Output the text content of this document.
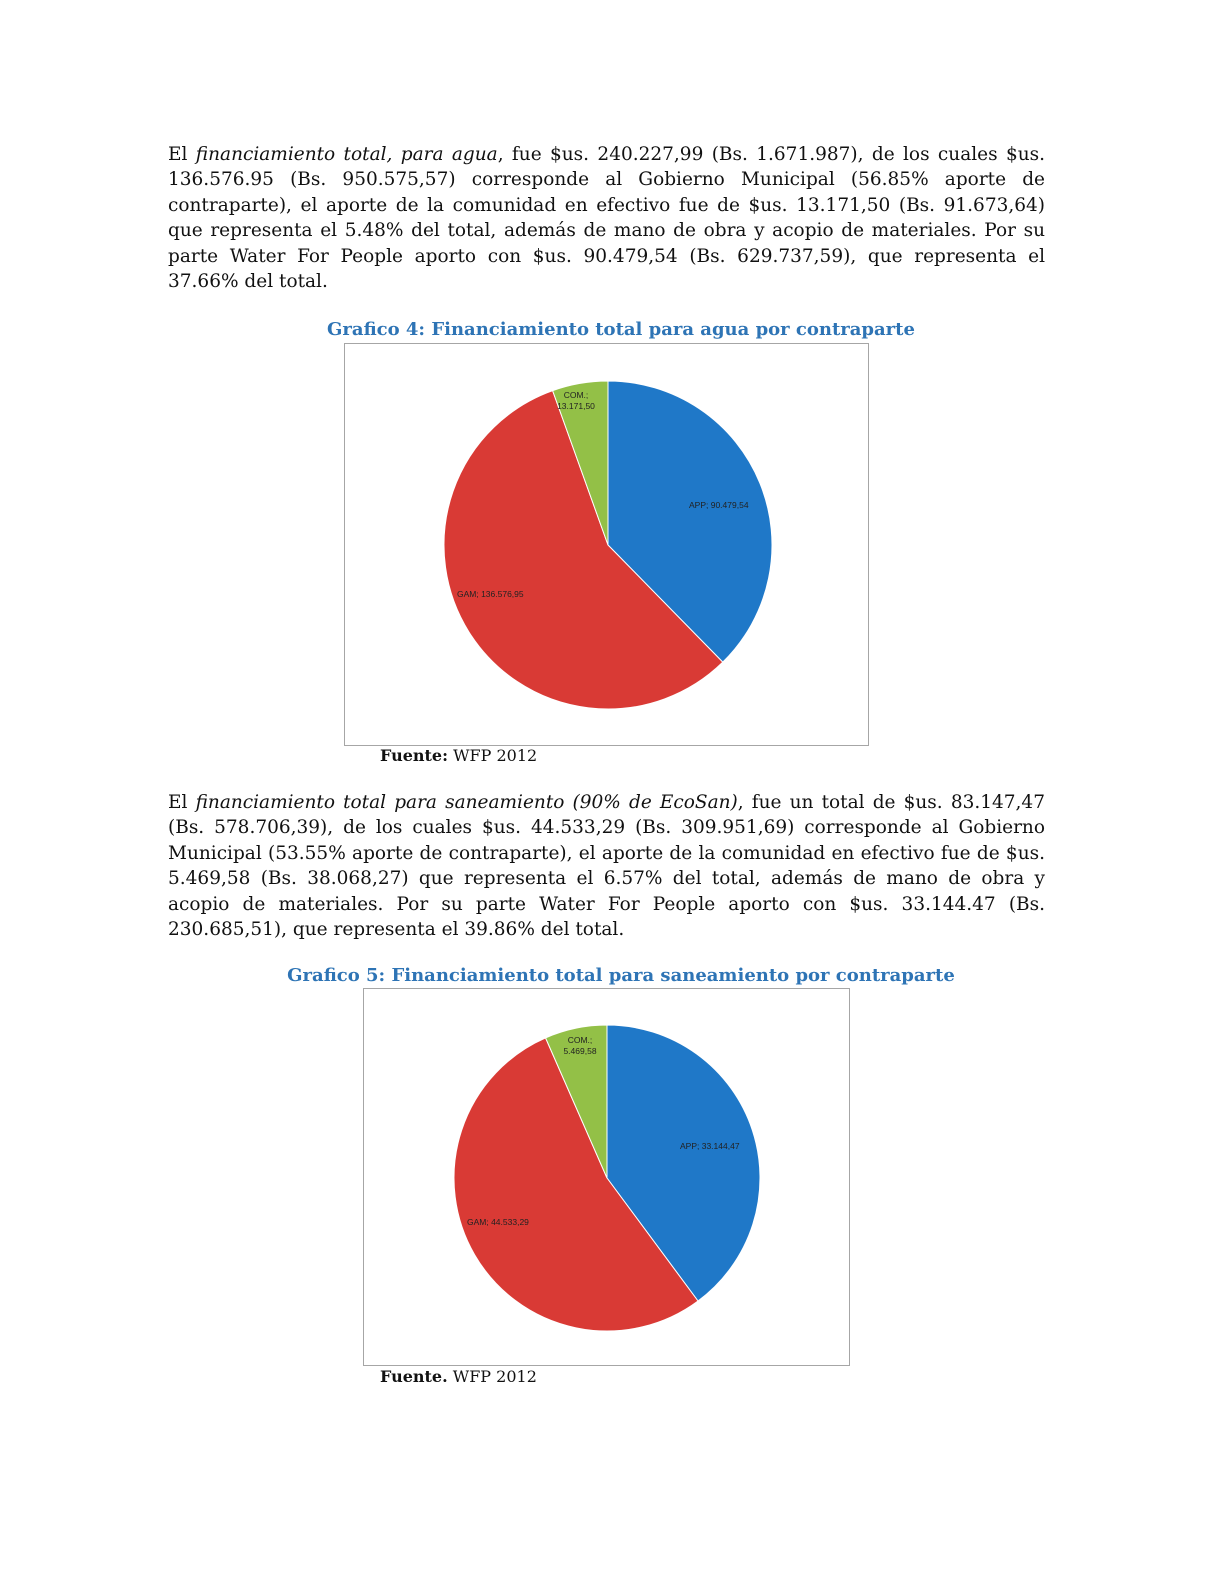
El financiamiento total, para agua, fue $us. 240.227,99 (Bs. 1.671.987), de los cuales $us. 136.576.95 (Bs. 950.575,57) corresponde al Gobierno Municipal (56.85% aporte de contraparte), el aporte de la comunidad en efectivo fue de $us. 13.171,50 (Bs. 91.673,64) que representa el 5.48% del total, además de mano de obra y acopio de materiales. Por su parte Water For People aporto con $us. 90.479,54 (Bs. 629.737,59), que representa el 37.66% del total.

Grafico 4: Financiamiento total para agua por contraparte
APP; 90.479,54
GAM; 136.576,95
COM.; 13.171,50
Fuente: WFP 2012

El financiamiento total para saneamiento (90% de EcoSan), fue un total de $us. 83.147,47 (Bs. 578.706,39), de los cuales $us. 44.533,29 (Bs. 309.951,69) corresponde al Gobierno Municipal (53.55% aporte de contraparte), el aporte de la comunidad en efectivo fue de $us. 5.469,58 (Bs. 38.068,27) que representa el 6.57% del total, además de mano de obra y acopio de materiales. Por su parte Water For People aporto con $us. 33.144.47 (Bs. 230.685,51), que representa el 39.86% del total.

Grafico 5: Financiamiento total para saneamiento por contraparte
APP; 33.144,47
GAM; 44.533,29
COM.; 5.469,58
Fuente. WFP 2012
